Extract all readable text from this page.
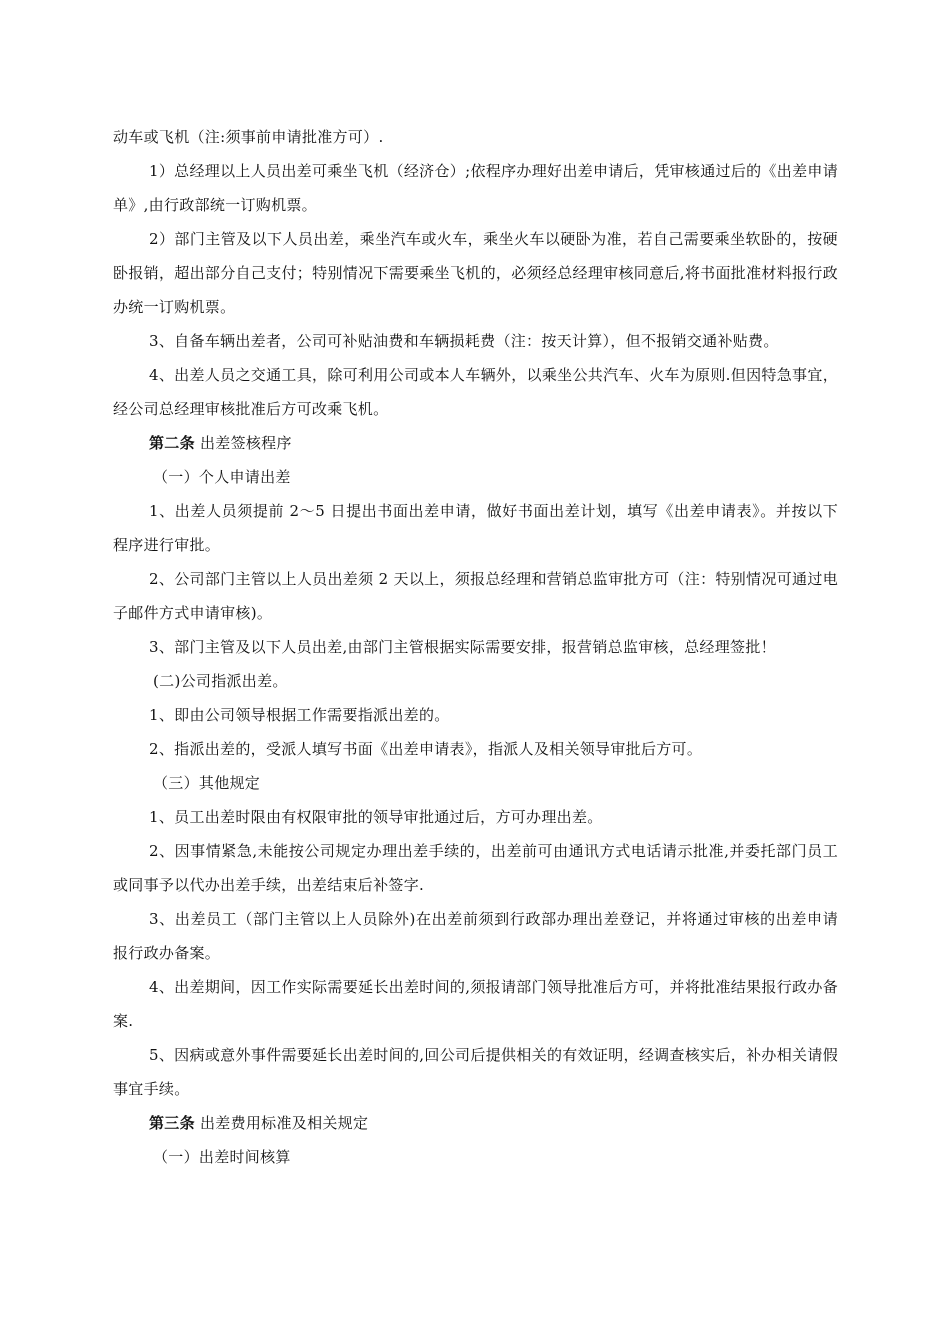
动车或飞机（注:须事前申请批准方可）.

1）总经理以上人员出差可乘坐飞机（经济仓）;依程序办理好出差申请后，凭审核通过后的《出差申请单》,由行政部统一订购机票。

2）部门主管及以下人员出差，乘坐汽车或火车，乘坐火车以硬卧为准，若自己需要乘坐软卧的，按硬卧报销，超出部分自己支付；特别情况下需要乘坐飞机的，必须经总经理审核同意后,将书面批准材料报行政办统一订购机票。

3、自备车辆出差者，公司可补贴油费和车辆损耗费（注：按天计算），但不报销交通补贴费。

4、出差人员之交通工具，除可利用公司或本人车辆外，以乘坐公共汽车、火车为原则.但因特急事宜，经公司总经理审核批准后方可改乘飞机。

第二条 出差签核程序

（一）个人申请出差

1、出差人员须提前 2～5 日提出书面出差申请，做好书面出差计划，填写《出差申请表》。并按以下程序进行审批。

2、公司部门主管以上人员出差须 2 天以上，须报总经理和营销总监审批方可（注：特别情况可通过电子邮件方式申请审核)。

3、部门主管及以下人员出差,由部门主管根据实际需要安排，报营销总监审核，总经理签批！

(二)公司指派出差。

1、即由公司领导根据工作需要指派出差的。

2、指派出差的，受派人填写书面《出差申请表》，指派人及相关领导审批后方可。

（三）其他规定

1、员工出差时限由有权限审批的领导审批通过后，方可办理出差。

2、因事情紧急,未能按公司规定办理出差手续的，出差前可由通讯方式电话请示批准,并委托部门员工或同事予以代办出差手续，出差结束后补签字.

3、出差员工（部门主管以上人员除外)在出差前须到行政部办理出差登记，并将通过审核的出差申请报行政办备案。

4、出差期间，因工作实际需要延长出差时间的,须报请部门领导批准后方可，并将批准结果报行政办备案.

5、因病或意外事件需要延长出差时间的,回公司后提供相关的有效证明，经调查核实后，补办相关请假事宜手续。

第三条 出差费用标准及相关规定

（一）出差时间核算
